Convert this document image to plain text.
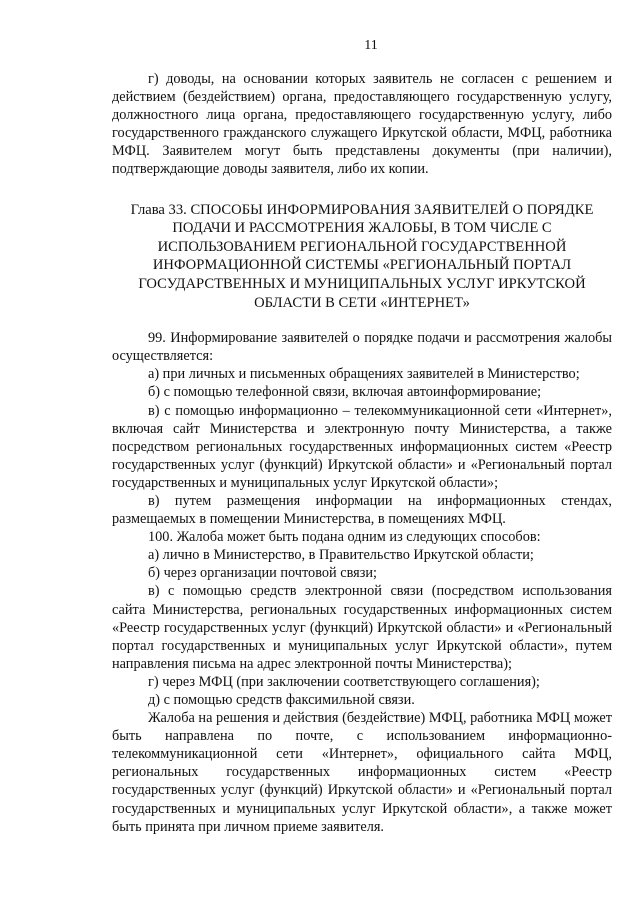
11

г) доводы, на основании которых заявитель не согласен с решением и действием (бездействием) органа, предоставляющего государственную услугу, должностного лица органа, предоставляющего государственную услугу, либо государственного гражданского служащего Иркутской области, МФЦ, работника МФЦ. Заявителем могут быть представлены документы (при наличии), подтверждающие доводы заявителя, либо их копии.

Глава 33. СПОСОБЫ ИНФОРМИРОВАНИЯ ЗАЯВИТЕЛЕЙ О ПОРЯДКЕ ПОДАЧИ И РАССМОТРЕНИЯ ЖАЛОБЫ, В ТОМ ЧИСЛЕ С ИСПОЛЬЗОВАНИЕМ РЕГИОНАЛЬНОЙ ГОСУДАРСТВЕННОЙ ИНФОРМАЦИОННОЙ СИСТЕМЫ «РЕГИОНАЛЬНЫЙ ПОРТАЛ ГОСУДАРСТВЕННЫХ И МУНИЦИПАЛЬНЫХ УСЛУГ ИРКУТСКОЙ ОБЛАСТИ В СЕТИ «ИНТЕРНЕТ»

99. Информирование заявителей о порядке подачи и рассмотрения жалобы осуществляется:

а) при личных и письменных обращениях заявителей в Министерство;

б) с помощью телефонной связи, включая автоинформирование;

в) с помощью информационно – телекоммуникационной сети «Интернет», включая сайт Министерства и электронную почту Министерства, а также посредством региональных государственных информационных систем «Реестр государственных услуг (функций) Иркутской области» и «Региональный портал государственных и муниципальных услуг Иркутской области»;

в) путем размещения информации на информационных стендах, размещаемых в помещении Министерства, в помещениях МФЦ.

100. Жалоба может быть подана одним из следующих способов:

а) лично в Министерство, в Правительство Иркутской области;

б) через организации почтовой связи;

в) с помощью средств электронной связи (посредством использования сайта Министерства, региональных государственных информационных систем «Реестр государственных услуг (функций) Иркутской области» и «Региональный портал государственных и муниципальных услуг Иркутской области», путем направления письма на адрес электронной почты Министерства);

г) через МФЦ (при заключении соответствующего соглашения);

д) с помощью средств факсимильной связи.

Жалоба на решения и действия (бездействие) МФЦ, работника МФЦ может быть направлена по почте, с использованием информационно-телекоммуникационной сети «Интернет», официального сайта МФЦ, региональных государственных информационных систем «Реестр государственных услуг (функций) Иркутской области» и «Региональный портал государственных и муниципальных услуг Иркутской области», а также может быть принята при личном приеме заявителя.
